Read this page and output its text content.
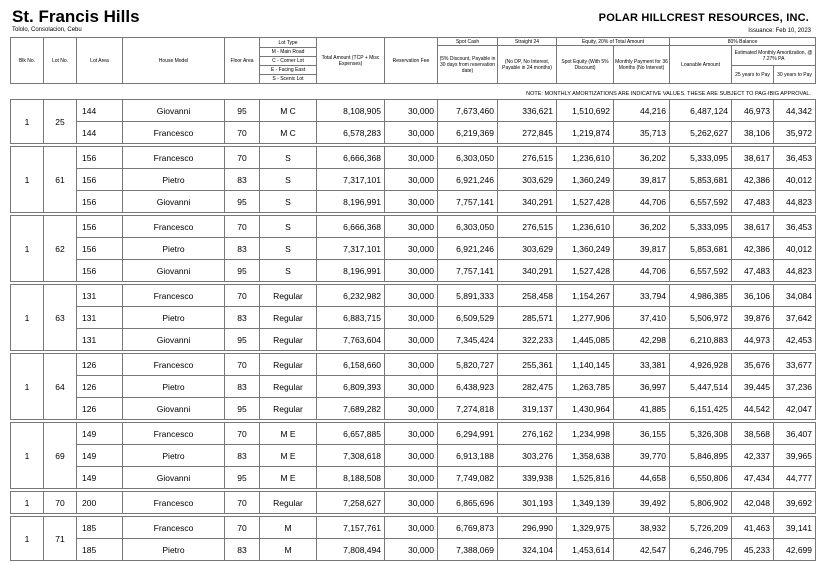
St. Francis Hills
Tololo, Consolacion, Cebu
POLAR HILLCREST RESOURCES, INC.
Issuance: Feb 10, 2023
Blk No.	Lot No.	Lot Area	House Model	Floor Area	Lot Type
M - Main Road
C - Corner Lot
E - Facing East
S - Scenic Lot	Total Amount (TCP + Misc Expenses)	Reservation Fee	Spot Cash	Straight 24	Equity, 20% of Total Amount		80% Balance		
								(5% Discount, Payable in 30 days from reservation date)	(No DP, No Interest, Payable in 24 months)	Spot Equity (With 5% Discount)	Monthly Payment for 36 Months (No Interest)	Loanable Amount	Estimated Monthly Amortization, @ 7.27% PA	
													25 years to Pay	30 years to Pay
NOTE: MONTHLY AMORTIZATIONS ARE INDICATIVE VALUES. THESE ARE SUBJECT TO PAG-IBIG APPROVAL.
1	25	144	Giovanni	95	M C	8,108,905	30,000	7,673,460	336,621	1,510,692	44,216	6,487,124	46,973	44,342
		144	Francesco	70	M C	6,578,283	30,000	6,219,369	272,845	1,219,874	35,713	5,262,627	38,106	35,972

1	61	156	Francesco	70	S	6,666,368	30,000	6,303,050	276,515	1,236,610	36,202	5,333,095	38,617	36,453
		156	Pietro	83	S	7,317,101	30,000	6,921,246	303,629	1,360,249	39,817	5,853,681	42,386	40,012
		156	Giovanni	95	S	8,196,991	30,000	7,757,141	340,291	1,527,428	44,706	6,557,592	47,483	44,823

1	62	156	Francesco	70	S	6,666,368	30,000	6,303,050	276,515	1,236,610	36,202	5,333,095	38,617	36,453
		156	Pietro	83	S	7,317,101	30,000	6,921,246	303,629	1,360,249	39,817	5,853,681	42,386	40,012
		156	Giovanni	95	S	8,196,991	30,000	7,757,141	340,291	1,527,428	44,706	6,557,592	47,483	44,823

1	63	131	Francesco	70	Regular	6,232,982	30,000	5,891,333	258,458	1,154,267	33,794	4,986,385	36,106	34,084
		131	Pietro	83	Regular	6,883,715	30,000	6,509,529	285,571	1,277,906	37,410	5,506,972	39,876	37,642
		131	Giovanni	95	Regular	7,763,604	30,000	7,345,424	322,233	1,445,085	42,298	6,210,883	44,973	42,453

1	64	126	Francesco	70	Regular	6,158,660	30,000	5,820,727	255,361	1,140,145	33,381	4,926,928	35,676	33,677
		126	Pietro	83	Regular	6,809,393	30,000	6,438,923	282,475	1,263,785	36,997	5,447,514	39,445	37,236
		126	Giovanni	95	Regular	7,689,282	30,000	7,274,818	319,137	1,430,964	41,885	6,151,425	44,542	42,047

1	69	149	Francesco	70	M E	6,657,885	30,000	6,294,991	276,162	1,234,998	36,155	5,326,308	38,568	36,407
		149	Pietro	83	M E	7,308,618	30,000	6,913,188	303,276	1,358,638	39,770	5,846,895	42,337	39,965
		149	Giovanni	95	M E	8,188,508	30,000	7,749,082	339,938	1,525,816	44,658	6,550,806	47,434	44,777

1	70	200	Francesco	70	Regular	7,258,627	30,000	6,865,696	301,193	1,349,139	39,492	5,806,902	42,048	39,692

1	71	185	Francesco	70	M	7,157,761	30,000	6,769,873	296,990	1,329,975	38,932	5,726,209	41,463	39,141
		185	Pietro	83	M	7,808,494	30,000	7,388,069	324,104	1,453,614	42,547	6,246,795	45,233	42,699
